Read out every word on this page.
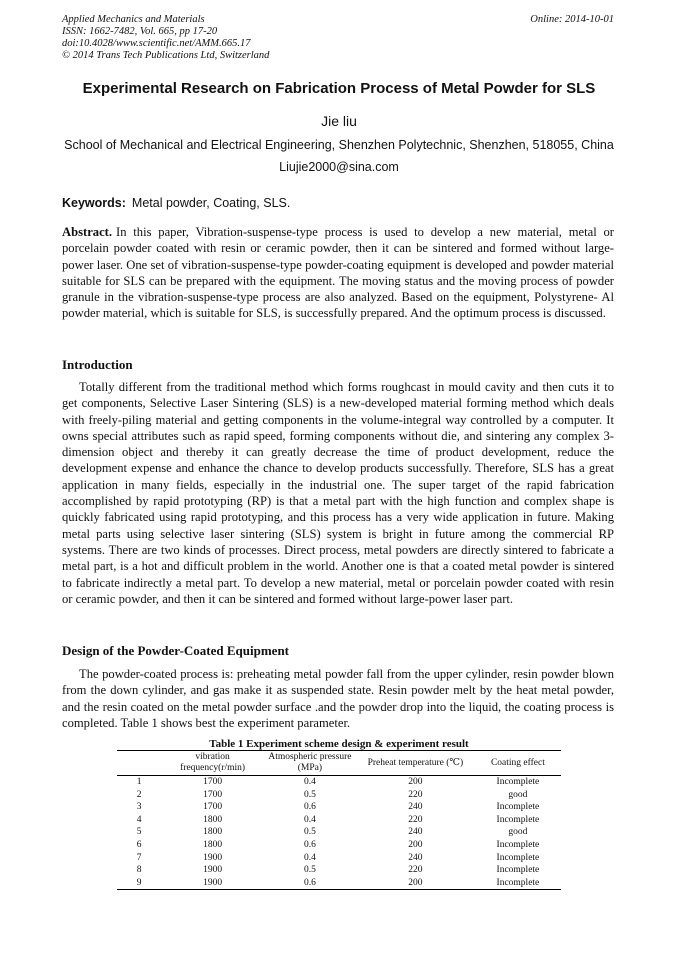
Applied Mechanics and Materials
ISSN: 1662-7482, Vol. 665, pp 17-20
doi:10.4028/www.scientific.net/AMM.665.17
© 2014 Trans Tech Publications Ltd, Switzerland
Online: 2014-10-01
Experimental Research on Fabrication Process of Metal Powder for SLS
Jie liu
School of Mechanical and Electrical Engineering, Shenzhen Polytechnic, Shenzhen, 518055, China
Liujie2000@sina.com
Keywords: Metal powder, Coating, SLS.
Abstract. In this paper, Vibration-suspense-type process is used to develop a new material, metal or porcelain powder coated with resin or ceramic powder, then it can be sintered and formed without large-power laser. One set of vibration-suspense-type powder-coating equipment is developed and powder material suitable for SLS can be prepared with the equipment. The moving status and the moving process of powder granule in the vibration-suspense-type process are also analyzed. Based on the equipment, Polystyrene- Al powder material, which is suitable for SLS, is successfully prepared. And the optimum process is discussed.
Introduction
Totally different from the traditional method which forms roughcast in mould cavity and then cuts it to get components, Selective Laser Sintering (SLS) is a new-developed material forming method which deals with freely-piling material and getting components in the volume-integral way controlled by a computer. It owns special attributes such as rapid speed, forming components without die, and sintering any complex 3-dimension object and thereby it can greatly decrease the time of product development, reduce the development expense and enhance the chance to develop products successfully. Therefore, SLS has a great application in many fields, especially in the industrial one. The super target of the rapid fabrication accomplished by rapid prototyping (RP) is that a metal part with the high function and complex shape is quickly fabricated using rapid prototyping, and this process has a very wide application in future. Making metal parts using selective laser sintering (SLS) system is bright in future among the commercial RP systems. There are two kinds of processes. Direct process, metal powders are directly sintered to fabricate a metal part, is a hot and difficult problem in the world. Another one is that a coated metal powder is sintered to fabricate indirectly a metal part. To develop a new material, metal or porcelain powder coated with resin or ceramic powder, and then it can be sintered and formed without large-power laser part.
Design of the Powder-Coated Equipment
The powder-coated process is: preheating metal powder fall from the upper cylinder, resin powder blown from the down cylinder, and gas make it as suspended state. Resin powder melt by the heat metal powder, and the resin coated on the metal powder surface .and the powder drop into the liquid, the coating process is completed. Table 1 shows best the experiment parameter.
Table 1 Experiment scheme design & experiment result
	vibration frequency(r/min)	Atmospheric pressure (MPa)	Preheat temperature (℃)	Coating effect
1	1700	0.4	200	Incomplete
2	1700	0.5	220	good
3	1700	0.6	240	Incomplete
4	1800	0.4	220	Incomplete
5	1800	0.5	240	good
6	1800	0.6	200	Incomplete
7	1900	0.4	240	Incomplete
8	1900	0.5	220	Incomplete
9	1900	0.6	200	Incomplete
